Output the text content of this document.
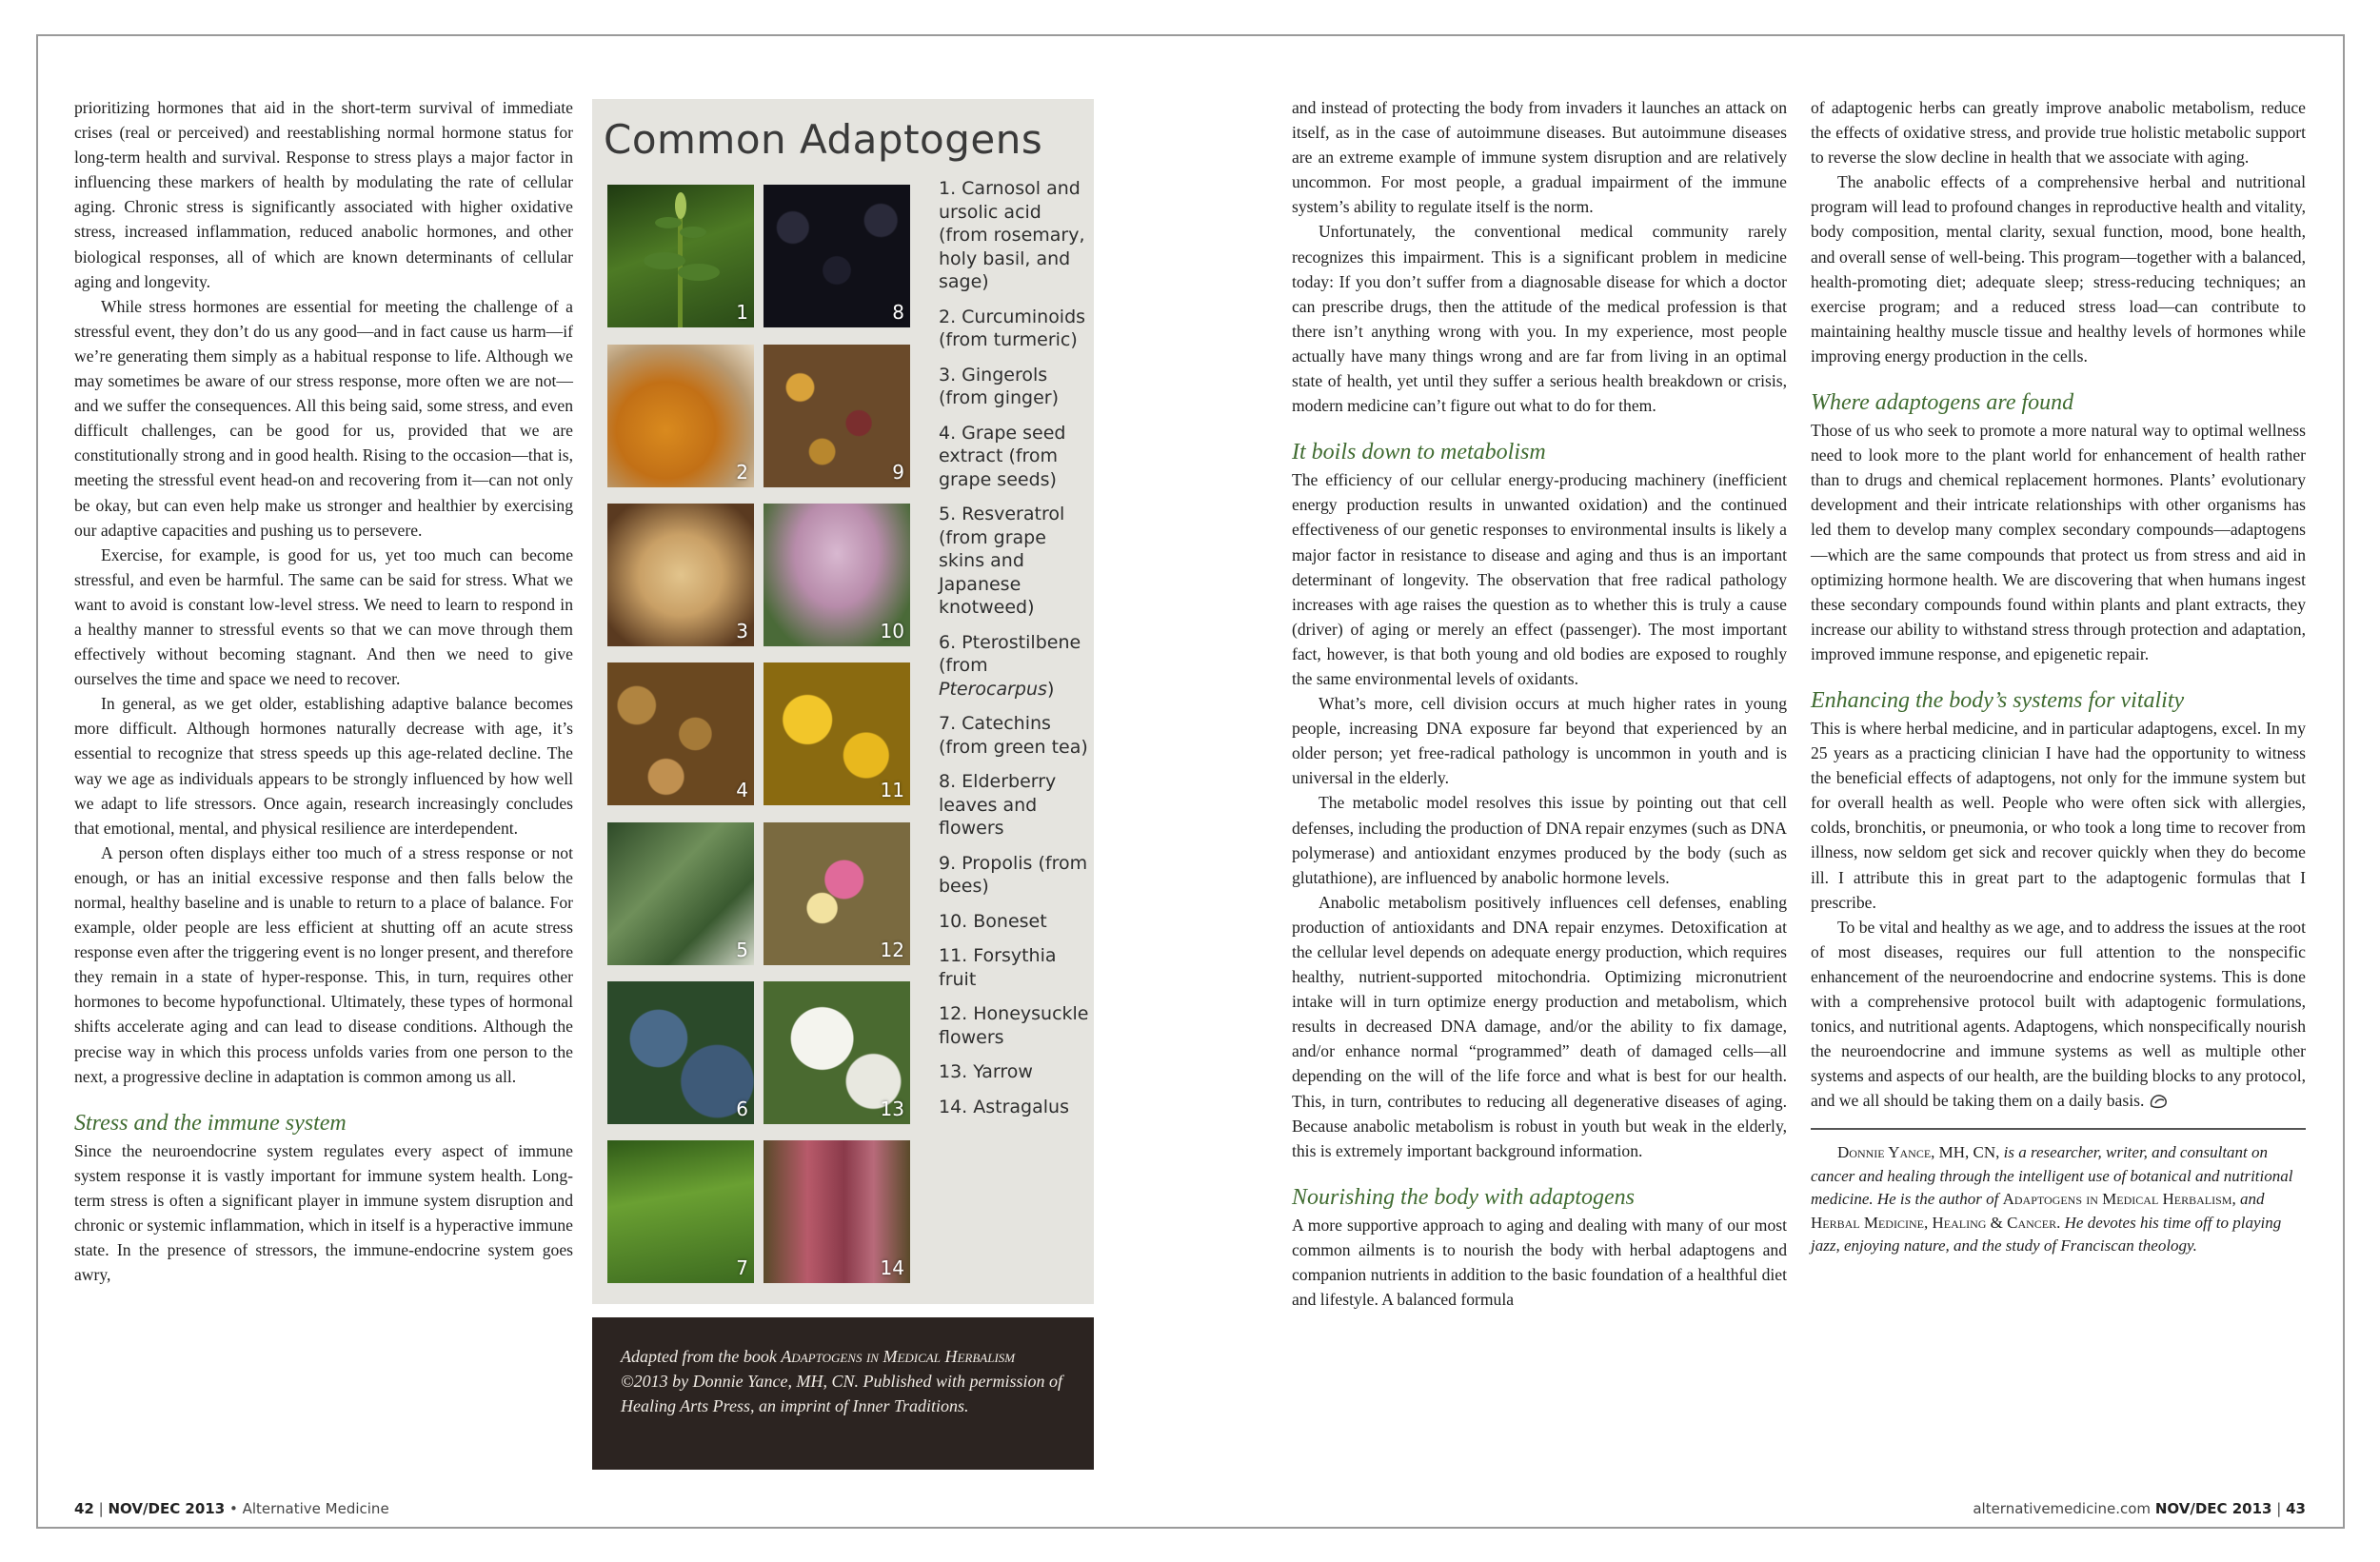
prioritizing hormones that aid in the short-term survival of immediate crises (real or perceived) and reestablishing normal hormone status for long-term health and survival. Response to stress plays a major factor in influencing these markers of health by modulating the rate of cellular aging. Chronic stress is significantly associated with higher oxidative stress, increased inflammation, reduced anabolic hormones, and other biological responses, all of which are known determinants of cellular aging and longevity.

While stress hormones are essential for meeting the challenge of a stressful event, they don’t do us any good—and in fact cause us harm—if we’re generating them simply as a habitual response to life. Although we may sometimes be aware of our stress response, more often we are not—and we suffer the consequences. All this being said, some stress, and even difficult challenges, can be good for us, provided that we are constitutionally strong and in good health. Rising to the occasion—that is, meeting the stressful event head-on and recovering from it—can not only be okay, but can even help make us stronger and healthier by exercising our adaptive capacities and pushing us to persevere.

Exercise, for example, is good for us, yet too much can become stressful, and even be harmful. The same can be said for stress. What we want to avoid is constant low-level stress. We need to learn to respond in a healthy manner to stressful events so that we can move through them effectively without becoming stagnant. And then we need to give ourselves the time and space we need to recover.

In general, as we get older, establishing adaptive balance becomes more difficult. Although hormones naturally decrease with age, it’s essential to recognize that stress speeds up this age-related decline. The way we age as individuals appears to be strongly influenced by how well we adapt to life stressors. Once again, research increasingly concludes that emotional, mental, and physical resilience are interdependent.

A person often displays either too much of a stress response or not enough, or has an initial excessive response and then falls below the normal, healthy baseline and is unable to return to a place of balance. For example, older people are less efficient at shutting off an acute stress response even after the triggering event is no longer present, and therefore they remain in a state of hyper-response. This, in turn, requires other hormones to become hypofunctional. Ultimately, these types of hormonal shifts accelerate aging and can lead to disease conditions. Although the precise way in which this process unfolds varies from one person to the next, a progressive decline in adaptation is common among us all.

Stress and the immune system

Since the neuroendocrine system regulates every aspect of immune system response it is vastly important for immune system health. Long-term stress is often a significant player in immune system disruption and chronic or systemic inflammation, which in itself is a hyperactive immune state. In the presence of stressors, the immune-endocrine system goes awry,

Common Adaptogens
1
2
3
4
5
6
7
8
9
10
11
12
13
14
1. Carnosol and ursolic acid (from rosemary, holy basil, and sage)
2. Curcuminoids (from turmeric)
3. Gingerols (from ginger)
4. Grape seed extract (from grape seeds)
5. Resveratrol (from grape skins and Japanese knotweed)
6. Pterostilbene (from Pterocarpus)
7. Catechins (from green tea)
8. Elderberry leaves and flowers
9. Propolis (from bees)
10. Boneset
11. Forsythia fruit
12. Honeysuckle flowers
13. Yarrow
14. Astragalus
Adapted from the book Adaptogens in Medical Herbalism ©2013 by Donnie Yance, MH, CN. Published with permission of Healing Arts Press, an imprint of Inner Traditions.

and instead of protecting the body from invaders it launches an attack on itself, as in the case of autoimmune diseases. But autoimmune diseases are an extreme example of immune system disruption and are relatively uncommon. For most people, a gradual impairment of the immune system’s ability to regulate itself is the norm.

Unfortunately, the conventional medical community rarely recognizes this impairment. This is a significant problem in medicine today: If you don’t suffer from a diagnosable disease for which a doctor can prescribe drugs, then the attitude of the medical profession is that there isn’t anything wrong with you. In my experience, most people actually have many things wrong and are far from living in an optimal state of health, yet until they suffer a serious health breakdown or crisis, modern medicine can’t figure out what to do for them.

It boils down to metabolism

The efficiency of our cellular energy-producing machinery (inefficient energy production results in unwanted oxidation) and the continued effectiveness of our genetic responses to environmental insults is likely a major factor in resistance to disease and aging and thus is an important determinant of longevity. The observation that free radical pathology increases with age raises the question as to whether this is truly a cause (driver) of aging or merely an effect (passenger). The most important fact, however, is that both young and old bodies are exposed to roughly the same environmental levels of oxidants.

What’s more, cell division occurs at much higher rates in young people, increasing DNA exposure far beyond that experienced by an older person; yet free-radical pathology is uncommon in youth and is universal in the elderly.

The metabolic model resolves this issue by pointing out that cell defenses, including the production of DNA repair enzymes (such as DNA polymerase) and antioxidant enzymes produced by the body (such as glutathione), are influenced by anabolic hormone levels.

Anabolic metabolism positively influences cell defenses, enabling production of antioxidants and DNA repair enzymes. Detoxification at the cellular level depends on adequate energy production, which requires healthy, nutrient-supported mitochondria. Optimizing micronutrient intake will in turn optimize energy production and metabolism, which results in decreased DNA damage, and/or the ability to fix damage, and/or enhance normal “programmed” death of damaged cells—all depending on the will of the life force and what is best for our health. This, in turn, contributes to reducing all degenerative diseases of aging. Because anabolic metabolism is robust in youth but weak in the elderly, this is extremely important background information.

Nourishing the body with adaptogens

A more supportive approach to aging and dealing with many of our most common ailments is to nourish the body with herbal adaptogens and companion nutrients in addition to the basic foundation of a healthful diet and lifestyle. A balanced formula

of adaptogenic herbs can greatly improve anabolic metabolism, reduce the effects of oxidative stress, and provide true holistic metabolic support to reverse the slow decline in health that we associate with aging.

The anabolic effects of a comprehensive herbal and nutritional program will lead to profound changes in reproductive health and vitality, body composition, mental clarity, sexual function, mood, bone health, and overall sense of well-being. This program—together with a balanced, health-promoting diet; adequate sleep; stress-reducing techniques; an exercise program; and a reduced stress load—can contribute to maintaining healthy muscle tissue and healthy levels of hormones while improving energy production in the cells.

Where adaptogens are found

Those of us who seek to promote a more natural way to optimal wellness need to look more to the plant world for enhancement of health rather than to drugs and chemical replacement hormones. Plants’ evolutionary development and their intricate relationships with other organisms has led them to develop many complex secondary compounds—adaptogens—which are the same compounds that protect us from stress and aid in optimizing hormone health. We are discovering that when humans ingest these secondary compounds found within plants and plant extracts, they increase our ability to withstand stress through protection and adaptation, improved immune response, and epigenetic repair.

Enhancing the body’s systems for vitality

This is where herbal medicine, and in particular adaptogens, excel. In my 25 years as a practicing clinician I have had the opportunity to witness the beneficial effects of adaptogens, not only for the immune system but for overall health as well. People who were often sick with allergies, colds, bronchitis, or pneumonia, or who took a long time to recover from illness, now seldom get sick and recover quickly when they do become ill. I attribute this in great part to the adaptogenic formulas that I prescribe.

To be vital and healthy as we age, and to address the issues at the root of most diseases, requires our full attention to the nonspecific enhancement of the neuroendocrine and endocrine systems. This is done with a comprehensive protocol built with adaptogenic formulations, tonics, and nutritional agents. Adaptogens, which nonspecifically nourish the neuroendocrine and immune systems as well as multiple other systems and aspects of our health, are the building blocks to any protocol, and we all should be taking them on a daily basis.

Donnie Yance, MH, CN, is a researcher, writer, and consultant on cancer and healing through the intelligent use of botanical and nutritional medicine. He is the author of Adaptogens in Medical Herbalism, and Herbal Medicine, Healing & Cancer. He devotes his time off to playing jazz, enjoying nature, and the study of Franciscan theology.

42 | NOV/DEC 2013 • Alternative Medicine	alternativemedicine.com NOV/DEC 2013 | 43
